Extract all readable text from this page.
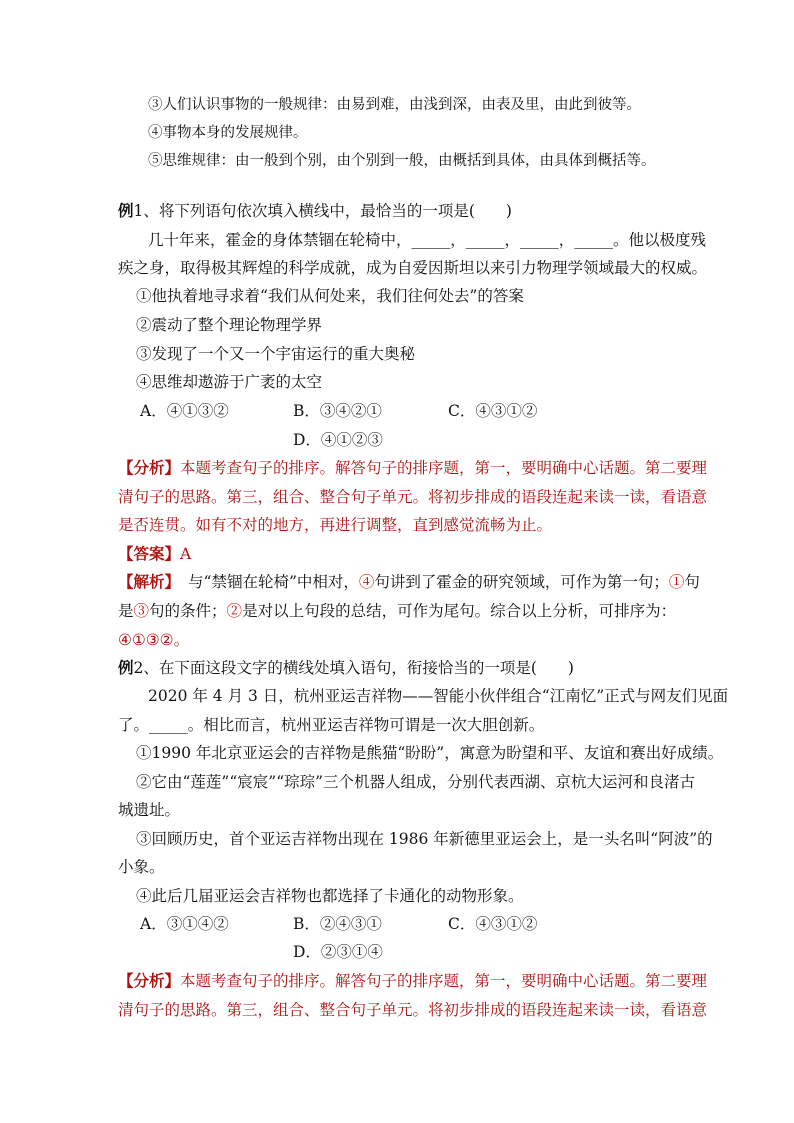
③人们认识事物的一般规律：由易到难，由浅到深，由表及里，由此到彼等。
④事物本身的发展规律。
⑤思维规律：由一般到个别，由个别到一般，由概括到具体，由具体到概括等。
例1、将下列语句依次填入横线中，最恰当的一项是(　　)
几十年来，霍金的身体禁锢在轮椅中，_____，_____，_____，_____。他以极度残
疾之身，取得极其辉煌的科学成就，成为自爱因斯坦以来引力物理学领域最大的权威。
①他执着地寻求着“我们从何处来，我们往何处去”的答案
②震动了整个理论物理学界
③发现了一个又一个宇宙运行的重大奥秘
④思维却遨游于广袤的太空
A．④①③②	B．③④②①	C．④③①②
D．④①②③
【分析】本题考查句子的排序。解答句子的排序题，第一，要明确中心话题。第二要理
清句子的思路。第三，组合、整合句子单元。将初步排成的语段连起来读一读，看语意
是否连贯。如有不对的地方，再进行调整，直到感觉流畅为止。
【答案】A
【解析】 与“禁锢在轮椅”中相对，④句讲到了霍金的研究领域，可作为第一句；①句
是③句的条件；②是对以上句段的总结，可作为尾句。综合以上分析，可排序为：
④①③②。
例2、在下面这段文字的横线处填入语句，衔接恰当的一项是(　　)
2020 年 4 月 3 日，杭州亚运吉祥物——智能小伙伴组合“江南忆”正式与网友们见面
了。_____。相比而言，杭州亚运吉祥物可谓是一次大胆创新。
①1990 年北京亚运会的吉祥物是熊猫“盼盼”，寓意为盼望和平、友谊和赛出好成绩。
②它由“莲莲”“宸宸”“琮琮”三个机器人组成，分别代表西湖、京杭大运河和良渚古
城遗址。
③回顾历史，首个亚运吉祥物出现在 1986 年新德里亚运会上，是一头名叫“阿波”的
小象。
④此后几届亚运会吉祥物也都选择了卡通化的动物形象。
A．③①④②	B．②④③①	C．④③①②
D．②③①④
【分析】本题考查句子的排序。解答句子的排序题，第一，要明确中心话题。第二要理
清句子的思路。第三，组合、整合句子单元。将初步排成的语段连起来读一读，看语意
